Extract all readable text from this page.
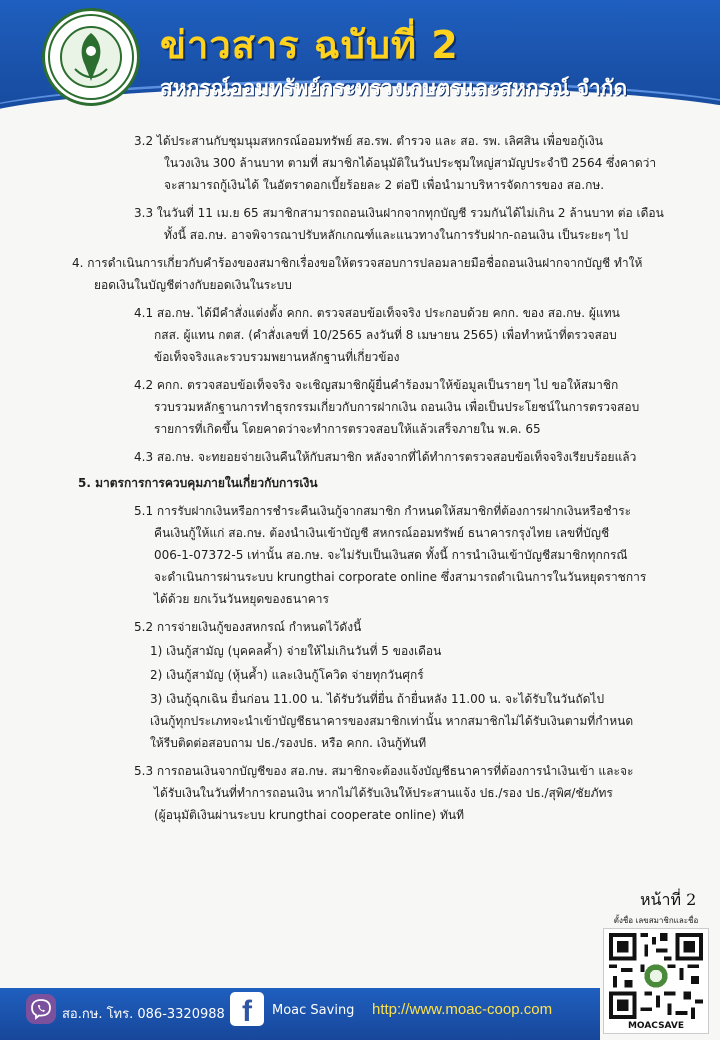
ข่าวสาร ฉบับที่ 2
สหกรณ์ออมทรัพย์กระทรวงเกษตรและสหกรณ์ จำกัด
3.2 ได้ประสานกับชุมนุมสหกรณ์ออมทรัพย์ สอ.รพ. ตำรวจ และ สอ. รพ. เลิศสิน เพื่อขอกู้เงิน
ในวงเงิน 300 ล้านบาท ตามที่ สมาชิกได้อนุมัติในวันประชุมใหญ่สามัญประจำปี 2564 ซึ่งคาดว่า
จะสามารถกู้เงินได้ ในอัตราดอกเบี้ยร้อยละ 2 ต่อปี เพื่อนำมาบริหารจัดการของ สอ.กษ.
3.3 ในวันที่ 11 เม.ย 65 สมาชิกสามารถถอนเงินฝากจากทุกบัญชี รวมกันได้ไม่เกิน 2 ล้านบาท ต่อ เดือน
ทั้งนี้ สอ.กษ. อาจพิจารณาปรับหลักเกณฑ์และแนวทางในการรับฝาก-ถอนเงิน เป็นระยะๆ ไป
4. การดำเนินการเกี่ยวกับคำร้องของสมาชิกเรื่องขอให้ตรวจสอบการปลอมลายมือชื่อถอนเงินฝากจากบัญชี ทำให้
ยอดเงินในบัญชีต่างกับยอดเงินในระบบ
4.1 สอ.กษ. ได้มีคำสั่งแต่งตั้ง คกก. ตรวจสอบข้อเท็จจริง ประกอบด้วย คกก. ของ สอ.กษ. ผู้แทน
กสส. ผู้แทน กตส. (คำสั่งเลขที่ 10/2565 ลงวันที่ 8 เมษายน 2565) เพื่อทำหน้าที่ตรวจสอบ
ข้อเท็จจริงและรวบรวมพยานหลักฐานที่เกี่ยวข้อง
4.2 คกก. ตรวจสอบข้อเท็จจริง จะเชิญสมาชิกผู้ยื่นคำร้องมาให้ข้อมูลเป็นรายๆ ไป ขอให้สมาชิก
รวบรวมหลักฐานการทำธุรกรรมเกี่ยวกับการฝากเงิน ถอนเงิน เพื่อเป็นประโยชน์ในการตรวจสอบ
รายการที่เกิดขึ้น โดยคาดว่าจะทำการตรวจสอบให้แล้วเสร็จภายใน พ.ค. 65
4.3 สอ.กษ. จะทยอยจ่ายเงินคืนให้กับสมาชิก หลังจากที่ได้ทำการตรวจสอบข้อเท็จจริงเรียบร้อยแล้ว
5. มาตรการการควบคุมภายในเกี่ยวกับการเงิน
5.1 การรับฝากเงินหรือการชำระคืนเงินกู้จากสมาชิก กำหนดให้สมาชิกที่ต้องการฝากเงินหรือชำระ
คืนเงินกู้ให้แก่ สอ.กษ. ต้องนำเงินเข้าบัญชี สหกรณ์ออมทรัพย์ ธนาคารกรุงไทย เลขที่บัญชี
006-1-07372-5 เท่านั้น สอ.กษ. จะไม่รับเป็นเงินสด ทั้งนี้ การนำเงินเข้าบัญชีสมาชิกทุกกรณี
จะดำเนินการผ่านระบบ krungthai corporate online ซึ่งสามารถดำเนินการในวันหยุดราชการ
ได้ด้วย ยกเว้นวันหยุดของธนาคาร
5.2 การจ่ายเงินกู้ของสหกรณ์ กำหนดไว้ดังนี้
1) เงินกู้สามัญ (บุคคลค้ำ) จ่ายให้ไม่เกินวันที่ 5 ของเดือน
2) เงินกู้สามัญ (หุ้นค้ำ) และเงินกู้โควิด จ่ายทุกวันศุกร์
3) เงินกู้ฉุกเฉิน ยื่นก่อน 11.00 น. ได้รับวันที่ยื่น ถ้ายื่นหลัง 11.00 น. จะได้รับในวันถัดไป
เงินกู้ทุกประเภทจะนำเข้าบัญชีธนาคารของสมาชิกเท่านั้น หากสมาชิกไม่ได้รับเงินตามที่กำหนด
ให้รีบติดต่อสอบถาม ปธ./รองปธ. หรือ คกก. เงินกู้ทันที
5.3 การถอนเงินจากบัญชีของ สอ.กษ. สมาชิกจะต้องแจ้งบัญชีธนาคารที่ต้องการนำเงินเข้า และจะ
ได้รับเงินในวันที่ทำการถอนเงิน หากไม่ได้รับเงินให้ประสานแจ้ง ปธ./รอง ปธ./สุพิศ/ชัยภัทร
(ผู้อนุมัติเงินผ่านระบบ krungthai cooperate online) ทันที
หน้าที่ 2
ตั้งชื่อ เลขสมาชิกและชื่อ
MOACSAVE
สอ.กษ. โทร. 086-3320988 f	Moac Saving http://www.moac-coop.com
